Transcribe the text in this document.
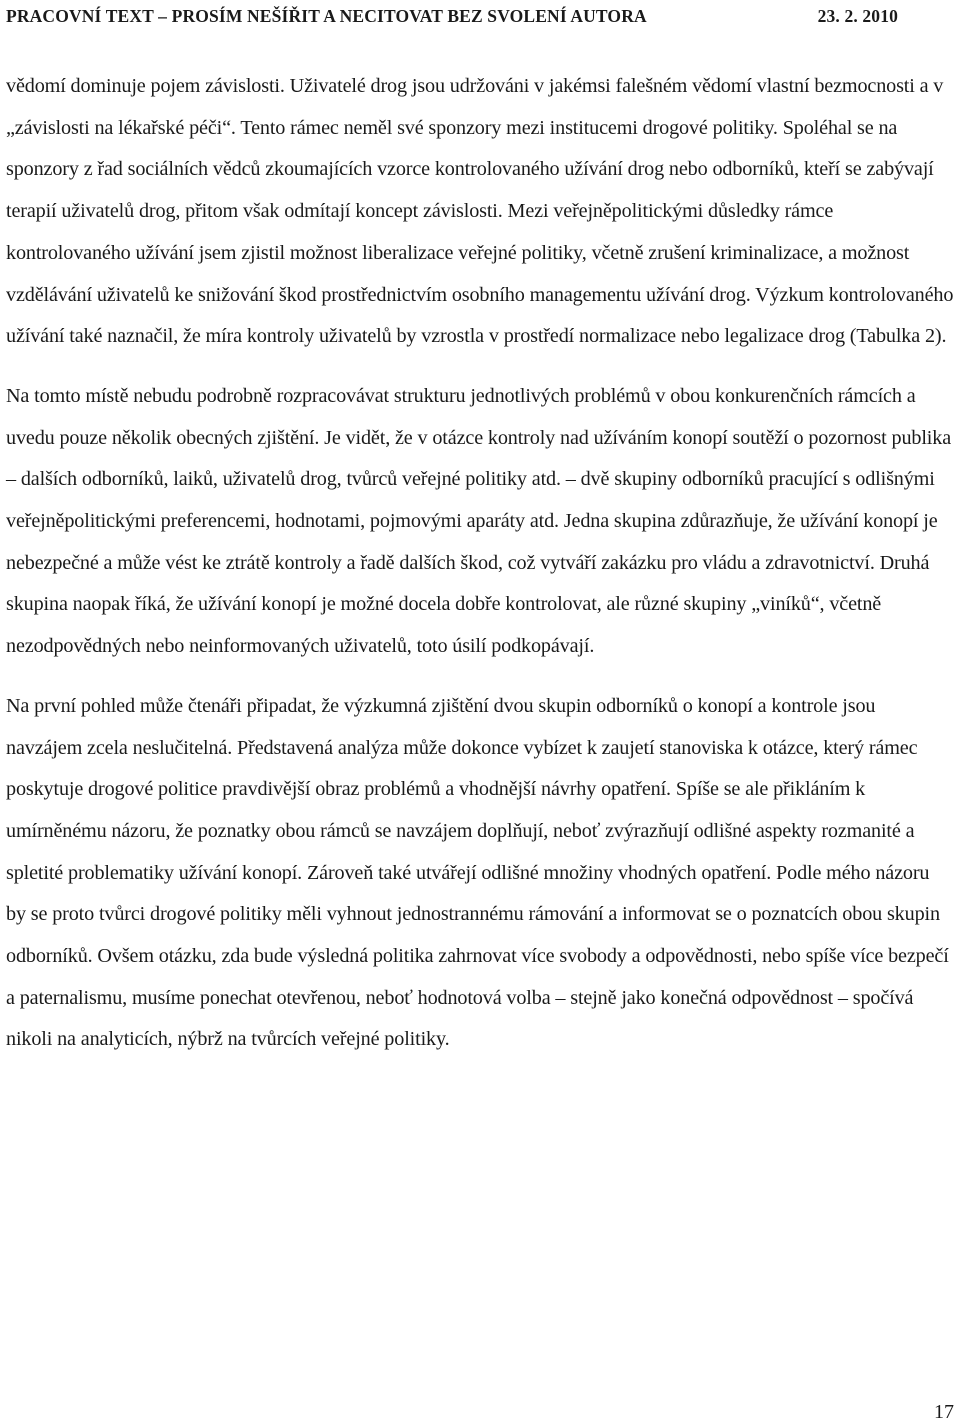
PRACOVNÍ TEXT – PROSÍM NEŠÍŘIT A NECITOVAT BEZ SVOLENÍ AUTORA	23. 2. 2010

vědomí dominuje pojem závislosti. Uživatelé drog jsou udržováni v jakémsi falešném vědomí vlastní bezmocnosti a v „závislosti na lékařské péči“. Tento rámec neměl své sponzory mezi institucemi drogové politiky. Spoléhal se na sponzory z řad sociálních vědců zkoumajících vzorce kontrolovaného užívání drog nebo odborníků, kteří se zabývají terapií uživatelů drog, přitom však odmítají koncept závislosti. Mezi veřejněpolitickými důsledky rámce kontrolovaného užívání jsem zjistil možnost liberalizace veřejné politiky, včetně zrušení kriminalizace, a možnost vzdělávání uživatelů ke snižování škod prostřednictvím osobního managementu užívání drog. Výzkum kontrolovaného užívání také naznačil, že míra kontroly uživatelů by vzrostla v prostředí normalizace nebo legalizace drog (Tabulka 2).

Na tomto místě nebudu podrobně rozpracovávat strukturu jednotlivých problémů v obou konkurenčních rámcích a uvedu pouze několik obecných zjištění. Je vidět, že v otázce kontroly nad užíváním konopí soutěží o pozornost publika – dalších odborníků, laiků, uživatelů drog, tvůrců veřejné politiky atd. – dvě skupiny odborníků pracující s odlišnými veřejněpolitickými preferencemi, hodnotami, pojmovými aparáty atd. Jedna skupina zdůrazňuje, že užívání konopí je nebezpečné a může vést ke ztrátě kontroly a řadě dalších škod, což vytváří zakázku pro vládu a zdravotnictví. Druhá skupina naopak říká, že užívání konopí je možné docela dobře kontrolovat, ale různé skupiny „viníků“, včetně nezodpovědných nebo neinformovaných uživatelů, toto úsilí podkopávají.

Na první pohled může čtenáři připadat, že výzkumná zjištění dvou skupin odborníků o konopí a kontrole jsou navzájem zcela neslučitelná. Představená analýza může dokonce vybízet k zaujetí stanoviska k otázce, který rámec poskytuje drogové politice pravdivější obraz problémů a vhodnější návrhy opatření. Spíše se ale přikláním k umírněnému názoru, že poznatky obou rámců se navzájem doplňují, neboť zvýrazňují odlišné aspekty rozmanité a spletité problematiky užívání konopí. Zároveň také utvářejí odlišné množiny vhodných opatření. Podle mého názoru by se proto tvůrci drogové politiky měli vyhnout jednostrannému rámování a informovat se o poznatcích obou skupin odborníků. Ovšem otázku, zda bude výsledná politika zahrnovat více svobody a odpovědnosti, nebo spíše více bezpečí a paternalismu, musíme ponechat otevřenou, neboť hodnotová volba – stejně jako konečná odpovědnost – spočívá nikoli na analyticích, nýbrž na tvůrcích veřejné politiky.

17
